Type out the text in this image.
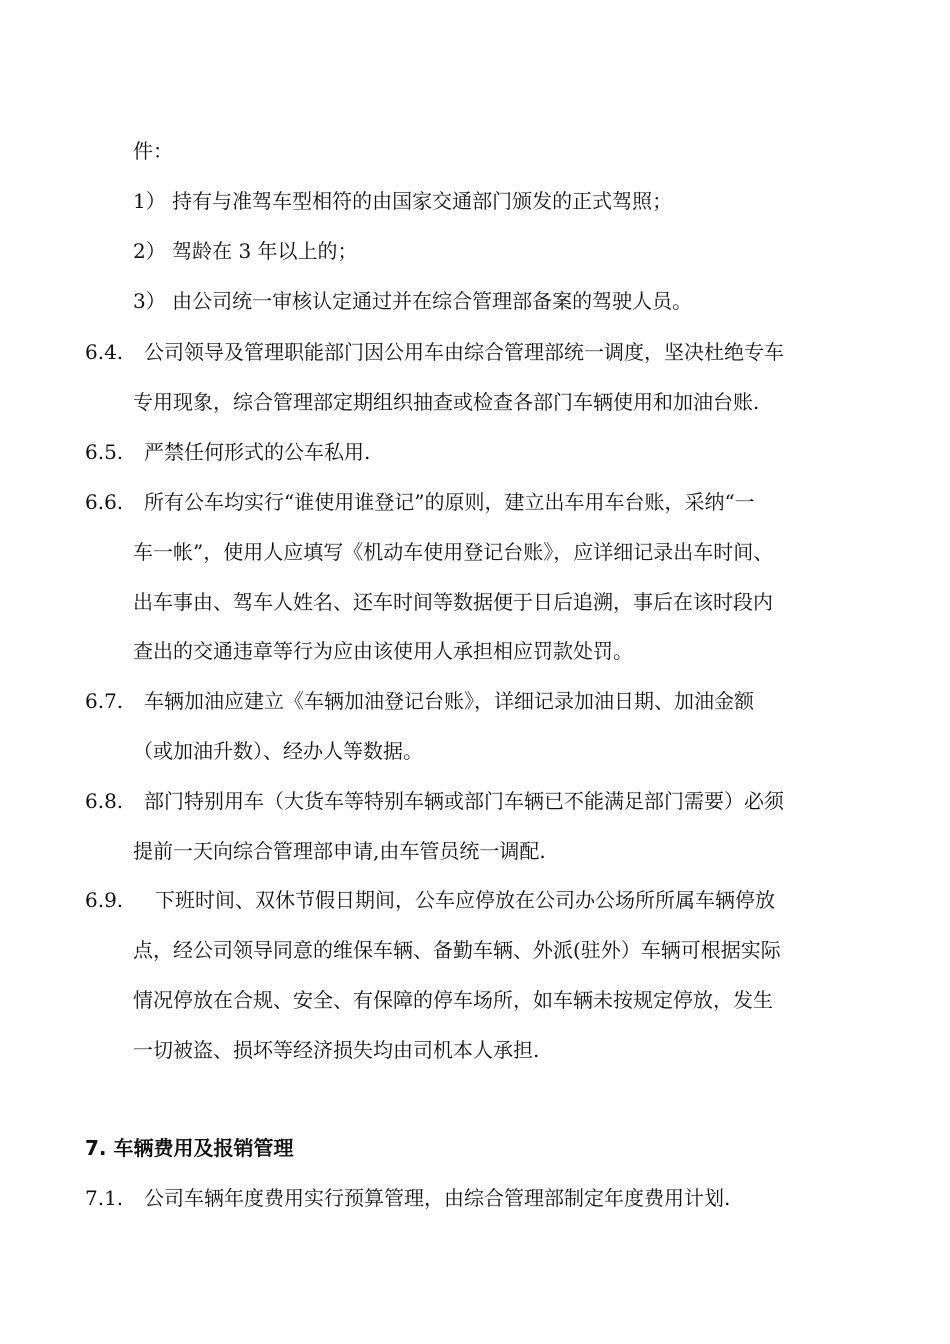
件：
1） 持有与准驾车型相符的由国家交通部门颁发的正式驾照；
2） 驾龄在 3 年以上的；
3） 由公司统一审核认定通过并在综合管理部备案的驾驶人员。
6.4. 公司领导及管理职能部门因公用车由综合管理部统一调度，坚决杜绝专车
专用现象，综合管理部定期组织抽查或检查各部门车辆使用和加油台账.
6.5. 严禁任何形式的公车私用.
6.6. 所有公车均实行“谁使用谁登记”的原则，建立出车用车台账，采纳“一
车一帐”，使用人应填写《机动车使用登记台账》，应详细记录出车时间、
出车事由、驾车人姓名、还车时间等数据便于日后追溯，事后在该时段内
查出的交通违章等行为应由该使用人承担相应罚款处罚。
6.7. 车辆加油应建立《车辆加油登记台账》，详细记录加油日期、加油金额
（或加油升数）、经办人等数据。
6.8. 部门特别用车（大货车等特别车辆或部门车辆已不能满足部门需要）必须
提前一天向综合管理部申请,由车管员统一调配.
6.9. 下班时间、双休节假日期间，公车应停放在公司办公场所所属车辆停放
点，经公司领导同意的维保车辆、备勤车辆、外派(驻外）车辆可根据实际
情况停放在合规、安全、有保障的停车场所，如车辆未按规定停放，发生
一切被盗、损坏等经济损失均由司机本人承担.
7. 车辆费用及报销管理
7.1. 公司车辆年度费用实行预算管理，由综合管理部制定年度费用计划.
